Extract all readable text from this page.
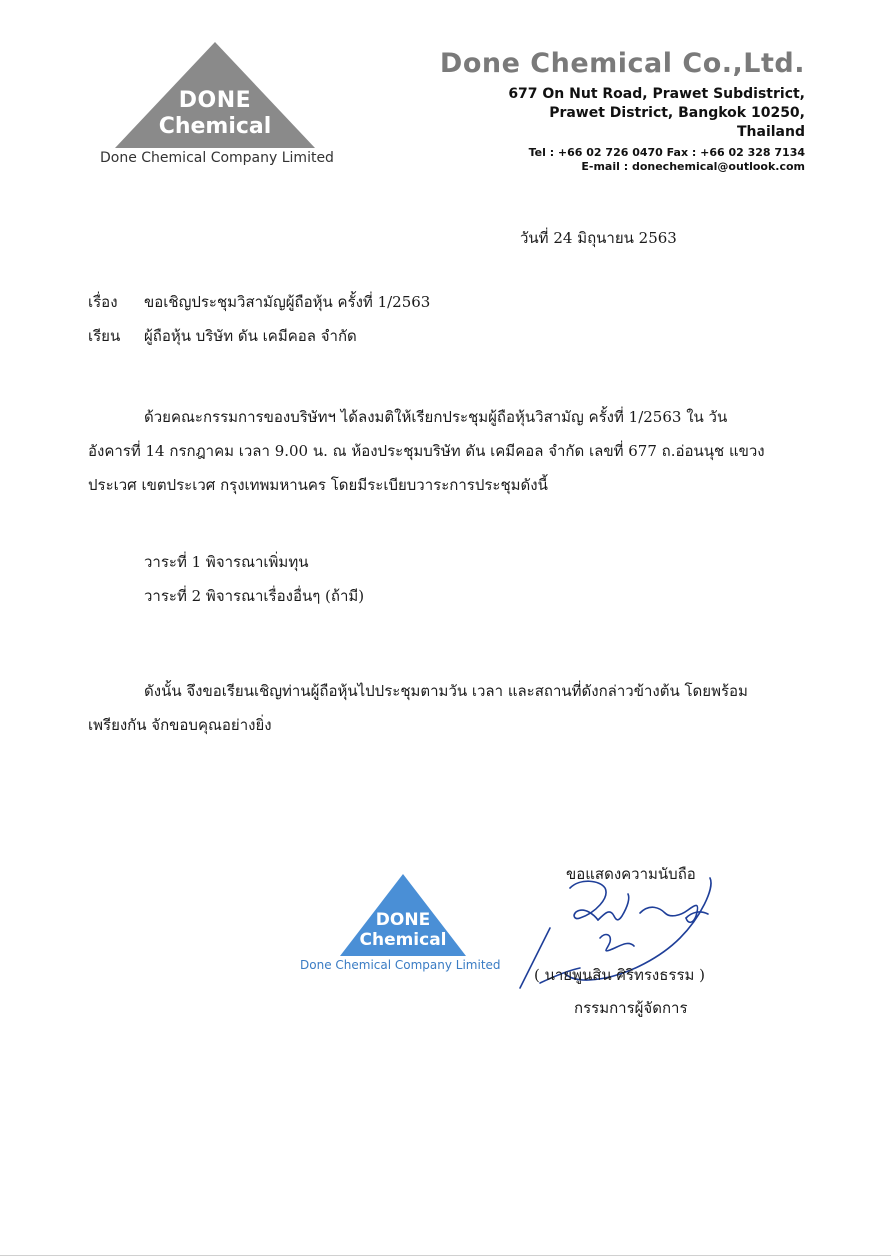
DONE
Chemical
Done Chemical Company Limited
Done Chemical Co.,Ltd.
677 On Nut Road, Prawet Subdistrict,
Prawet District, Bangkok 10250,
Thailand
Tel : +66 02 726 0470 Fax : +66 02 328 7134
E-mail : donechemical@outlook.com
วันที่ 24 มิถุนายน 2563
เรื่อง ขอเชิญประชุมวิสามัญผู้ถือหุ้น ครั้งที่ 1/2563
เรียน ผู้ถือหุ้น บริษัท ดัน เคมีคอล จำกัด
ด้วยคณะกรรมการของบริษัทฯ ได้ลงมติให้เรียกประชุมผู้ถือหุ้นวิสามัญ ครั้งที่ 1/2563 ใน วัน
อังคารที่ 14 กรกฎาคม เวลา 9.00 น. ณ ห้องประชุมบริษัท ดัน เคมีคอล จำกัด เลขที่ 677 ถ.อ่อนนุช แขวง
ประเวศ เขตประเวศ กรุงเทพมหานคร โดยมีระเบียบวาระการประชุมดังนี้
วาระที่ 1 พิจารณาเพิ่มทุน
วาระที่ 2 พิจารณาเรื่องอื่นๆ (ถ้ามี)
ดังนั้น จึงขอเรียนเชิญท่านผู้ถือหุ้นไปประชุมตามวัน เวลา และสถานที่ดังกล่าวข้างต้น โดยพร้อม
เพรียงกัน จักขอบคุณอย่างยิ่ง
DONE
Chemical
Done Chemical Company Limited
ขอแสดงความนับถือ
( นายพูนสิน ศิริทรงธรรม )
กรรมการผู้จัดการ
